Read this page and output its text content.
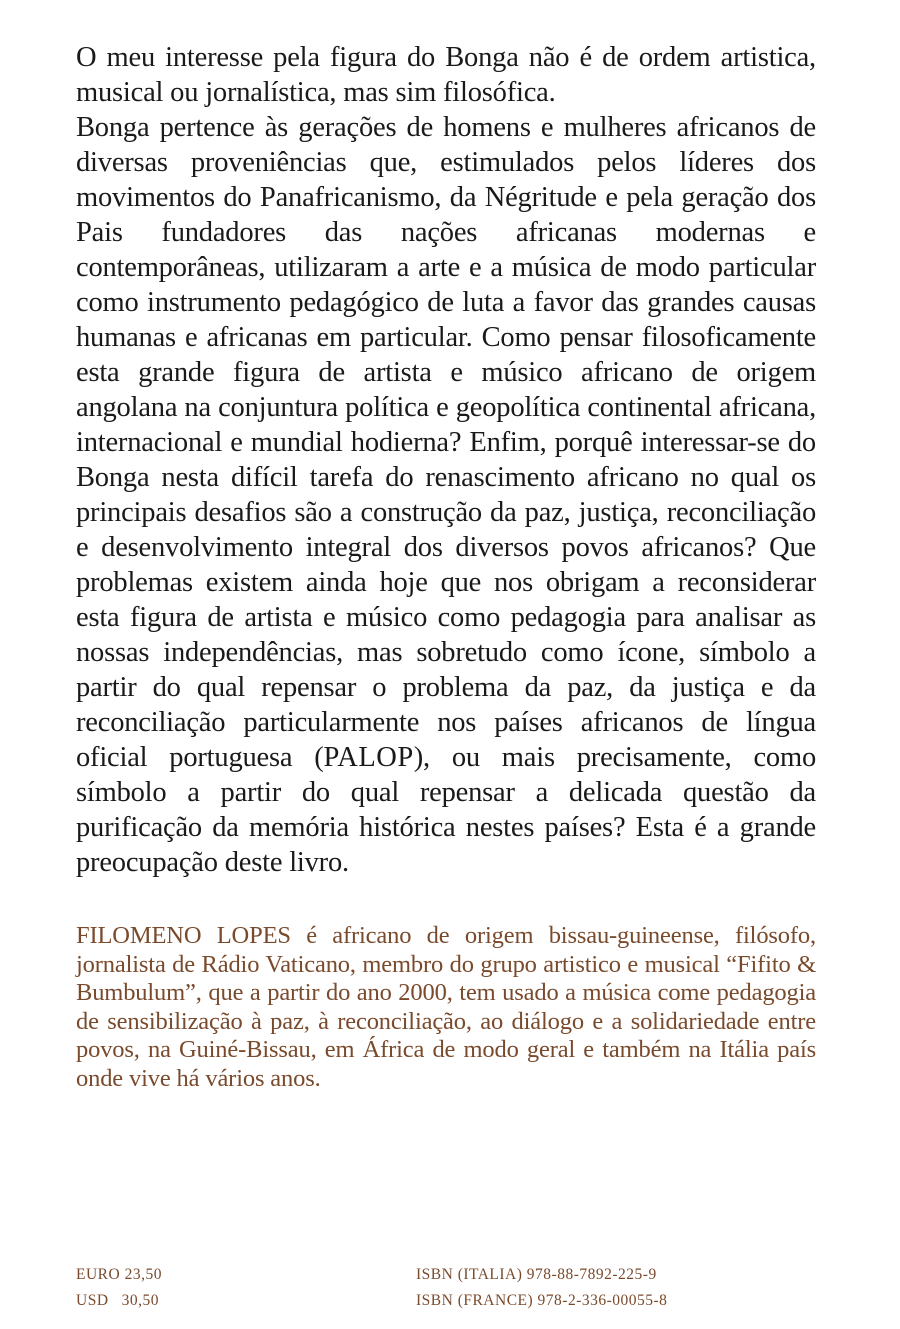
O meu interesse pela figura do Bonga não é de ordem artistica, musical ou jornalística, mas sim filosófica.

Bonga pertence às gerações de homens e mulheres africanos de diversas proveniências que, estimulados pelos líderes dos movimentos do Panafricanismo, da Négritude e pela geração dos Pais fundadores das nações africanas modernas e contemporâneas, utilizaram a arte e a música de modo particular como instrumento pedagógico de luta a favor das grandes causas humanas e africanas em particular. Como pensar filosoficamente esta grande figura de artista e músico africano de origem angolana na conjuntura política e geopolítica continental africana, internacional e mundial hodierna? Enfim, porquê interessar-se do Bonga nesta difícil tarefa do renascimento africano no qual os principais desafios são a construção da paz, justiça, reconciliação e desenvolvimento integral dos diversos povos africanos? Que problemas existem ainda hoje que nos obrigam a reconsiderar esta figura de artista e músico como pedagogia para analisar as nossas independências, mas sobretudo como ícone, símbolo a partir do qual repensar o problema da paz, da justiça e da reconciliação particularmente nos países africanos de língua oficial portuguesa (PALOP), ou mais precisamente, como símbolo a partir do qual repensar a delicada questão da purificação da memória histórica nestes países? Esta é a grande preocupação deste livro.

FILOMENO LOPES é africano de origem bissau-guineense, filósofo, jornalista de Rádio Vaticano, membro do grupo artistico e musical “Fifito & Bumbulum”, que a partir do ano 2000, tem usado a música come pedagogia de sensibilização à paz, à reconciliação, ao diálogo e a solidariedade entre povos, na Guiné-Bissau, em África de modo geral e também na Itália país onde vive há vários anos.
EURO 23,50	ISBN (ITALIA) 978-88-7892-225-9
USD   30,50	ISBN (FRANCE) 978-2-336-00055-8
